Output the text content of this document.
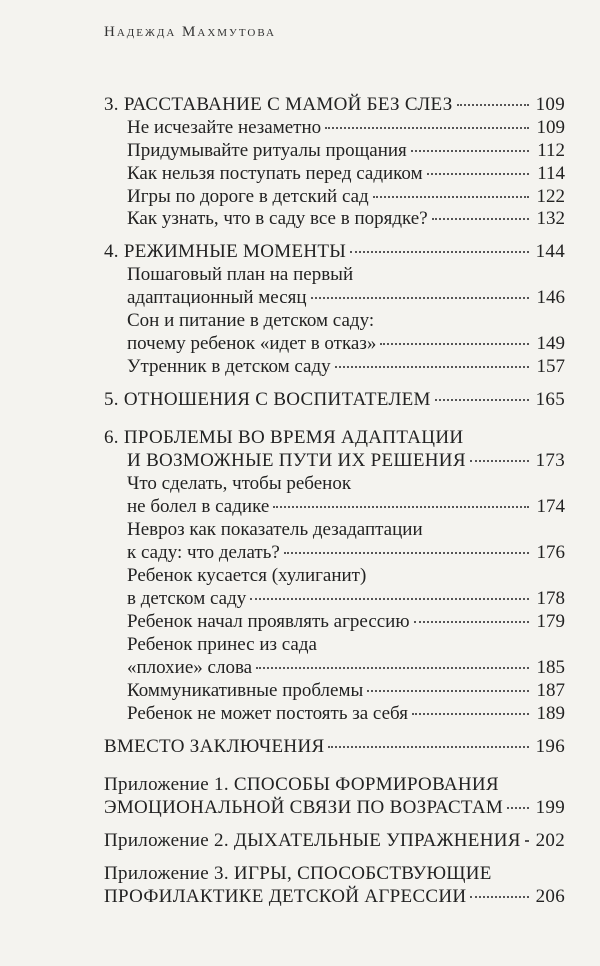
Надежда Махмутова
3. РАССТАВАНИЕ С МАМОЙ БЕЗ СЛЕЗ	109
Не исчезайте незаметно	109
Придумывайте ритуалы прощания	112
Как нельзя поступать перед садиком	114
Игры по дороге в детский сад	122
Как узнать, что в саду все в порядке?	132
4. РЕЖИМНЫЕ МОМЕНТЫ	144
Пошаговый план на первый
адаптационный месяц	146
Сон и питание в детском саду:
почему ребенок «идет в отказ»	149
Утренник в детском саду	157
5. ОТНОШЕНИЯ С ВОСПИТАТЕЛЕМ	165
6. ПРОБЛЕМЫ ВО ВРЕМЯ АДАПТАЦИИ
И ВОЗМОЖНЫЕ ПУТИ ИХ РЕШЕНИЯ	173
Что сделать, чтобы ребенок
не болел в садике	174
Невроз как показатель дезадаптации
к саду: что делать?	176
Ребенок кусается (хулиганит)
в детском саду	178
Ребенок начал проявлять агрессию	179
Ребенок принес из сада
«плохие» слова	185
Коммуникативные проблемы	187
Ребенок не может постоять за себя	189
ВМЕСТО ЗАКЛЮЧЕНИЯ	196
Приложение 1. СПОСОБЫ ФОРМИРОВАНИЯ
ЭМОЦИОНАЛЬНОЙ СВЯЗИ ПО ВОЗРАСТАМ 199
Приложение 2. ДЫХАТЕЛЬНЫЕ УПРАЖНЕНИЯ 202
Приложение 3. ИГРЫ, СПОСОБСТВУЮЩИЕ
ПРОФИЛАКТИКЕ ДЕТСКОЙ АГРЕССИИ	206
